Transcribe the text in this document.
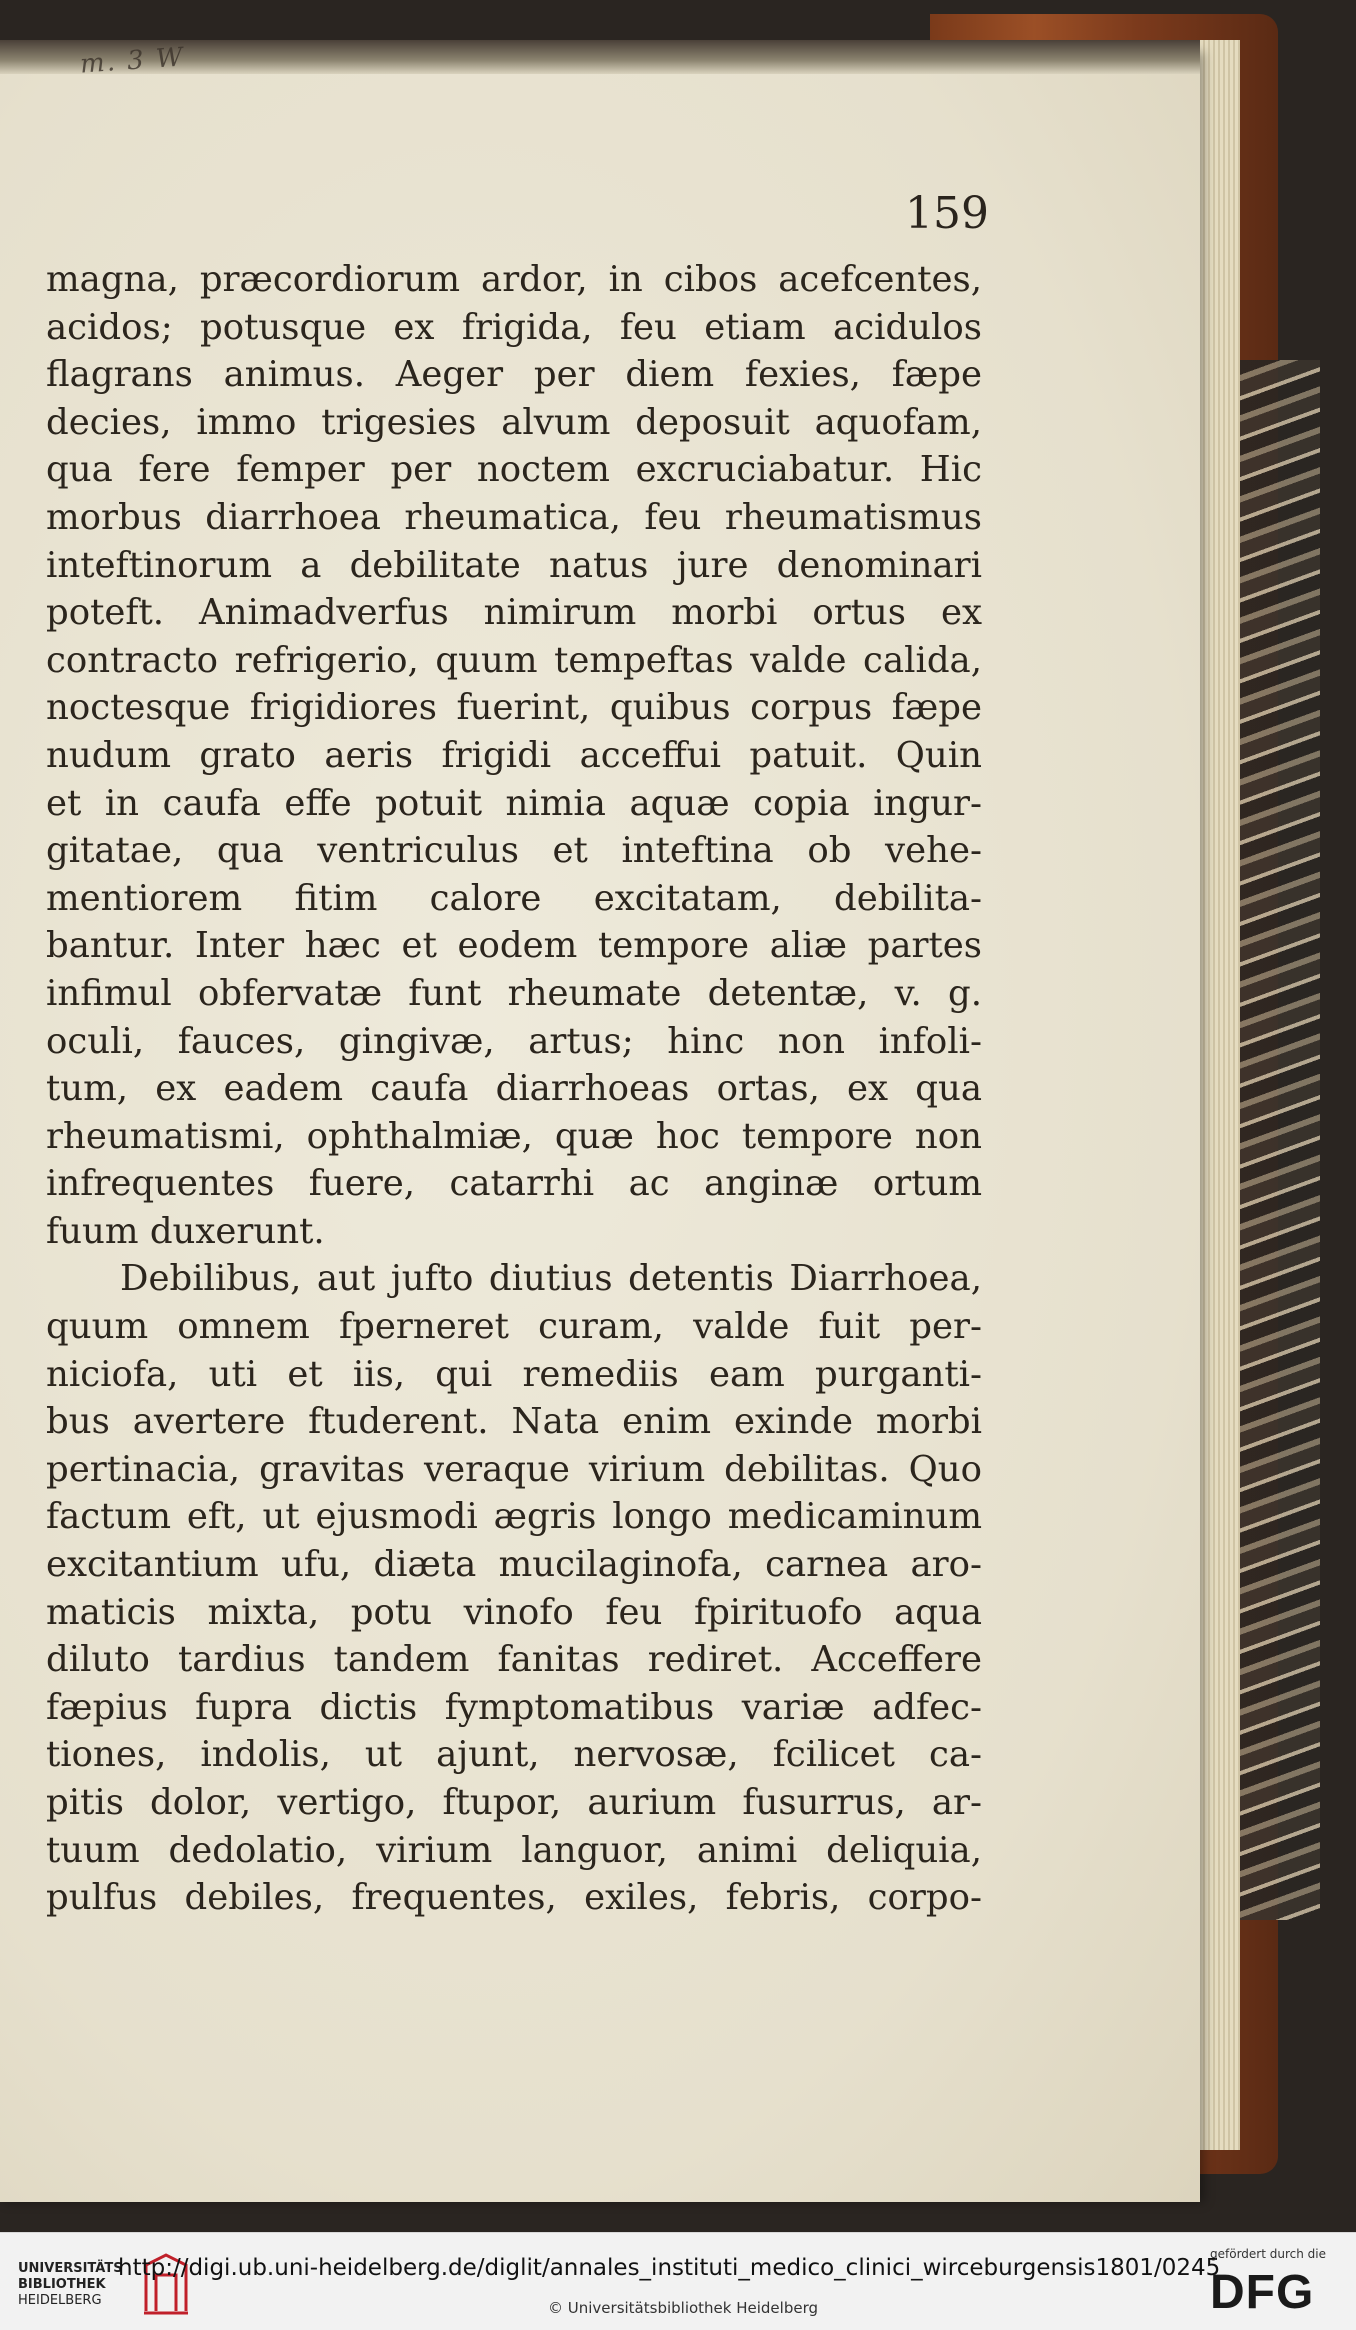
m. 3 W
159
magna, præcordiorum ardor, in cibos acefcentes,
acidos; potusque ex frigida, feu etiam acidulos
flagrans animus. Aeger per diem fexies, fæpe
decies, immo trigesies alvum deposuit aquofam,
qua fere femper per noctem excruciabatur. Hic
morbus diarrhoea rheumatica, feu rheumatismus
inteftinorum a debilitate natus jure denominari
poteft. Animadverfus nimirum morbi ortus ex
contracto refrigerio, quum tempeftas valde calida,
noctesque frigidiores fuerint, quibus corpus fæpe
nudum grato aeris frigidi acceffui patuit. Quin
et in caufa effe potuit nimia aquæ copia ingur-
gitatae, qua ventriculus et inteftina ob vehe-
mentiorem fitim calore excitatam, debilita-
bantur. Inter hæc et eodem tempore aliæ partes
infimul obfervatæ funt rheumate detentæ, v. g.
oculi, fauces, gingivæ, artus; hinc non infoli-
tum, ex eadem caufa diarrhoeas ortas, ex qua
rheumatismi, ophthalmiæ, quæ hoc tempore non
infrequentes fuere, catarrhi ac anginæ ortum
fuum duxerunt.
Debilibus, aut jufto diutius detentis Diarrhoea,
quum omnem fperneret curam, valde fuit per-
niciofa, uti et iis, qui remediis eam purganti-
bus avertere ftuderent. Nata enim exinde morbi
pertinacia, gravitas veraque virium debilitas. Quo
factum eft, ut ejusmodi ægris longo medicaminum
excitantium ufu, diæta mucilaginofa, carnea aro-
maticis mixta, potu vinofo feu fpirituofo aqua
diluto tardius tandem fanitas rediret. Acceffere
fæpius fupra dictis fymptomatibus variæ adfec-
tiones, indolis, ut ajunt, nervosæ, fcilicet ca-
pitis dolor, vertigo, ftupor, aurium fusurrus, ar-
tuum dedolatio, virium languor, animi deliquia,
pulfus debiles, frequentes, exiles, febris, corpo-
UNIVERSITÄTS
BIBLIOTHEK
HEIDELBERG
http://digi.ub.uni-heidelberg.de/diglit/annales_instituti_medico_clinici_wirceburgensis1801/0245
© Universitätsbibliothek Heidelberg
gefördert durch die
DFG
